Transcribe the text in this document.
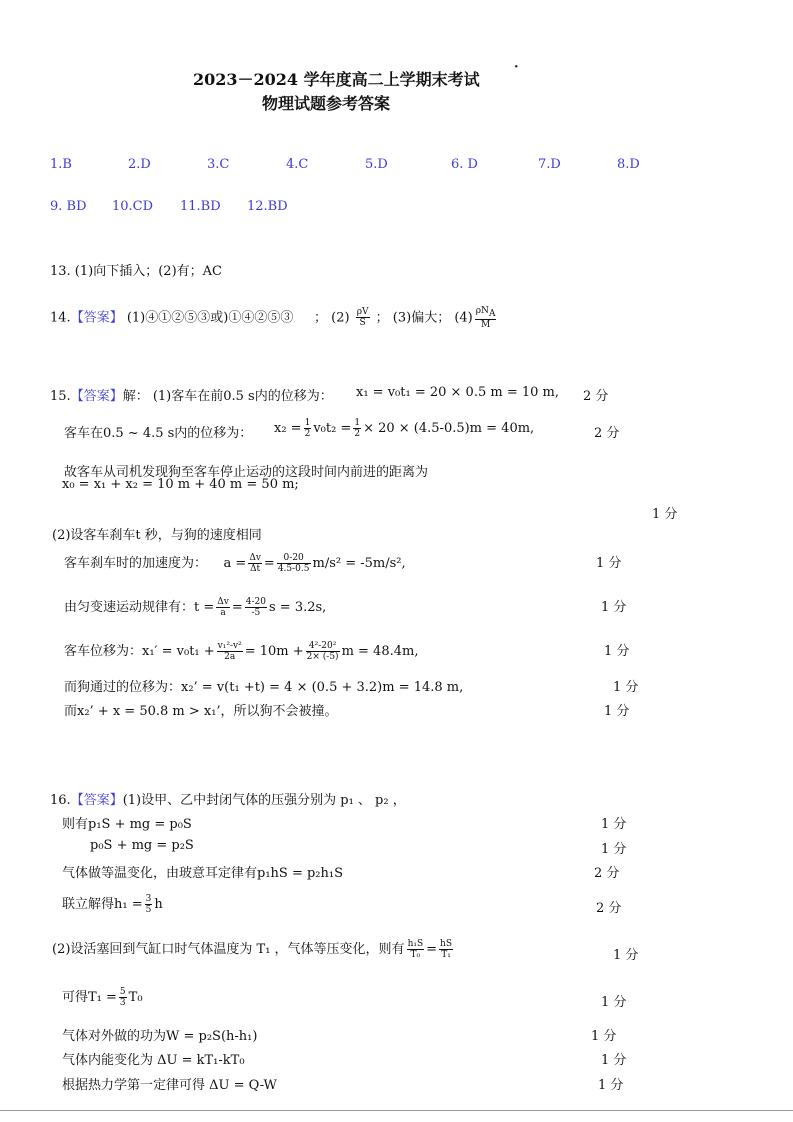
2023－2024 学年度高二上学期末考试
·
物理试题参考答案
1.B	2.D	3.C	4.C	5.D	6. D	7.D	8.D
9. BD 10.CD 11.BD 12.BD
13. (1)向下插入；(2)有；AC
14.【答案】 (1)④①②⑤③或)①④②⑤③ ； $(2) \frac{\rho V}{S}$ ； (3)偏大； $(4) \frac{\rho N_A}{M}$
15.【答案】解： (1)客车在前0.5 s内的位移为： x₁ = v₀t₁ = 20 × 0.5 m = 10 m, 2 分
客车在0.5 ~ 4.5 s内的位移为： $x_2 = \frac{1}{2} v_0t_2 = \frac{1}{2} \times 20 \times (4.5-0.5)m = 40m$,	2 分
故客车从司机发现狗至客车停止运动的这段时间内前进的距离为
x₀ = x₁ + x₂ = 10 m + 40 m = 50 m;
1 分
(2)设客车刹车t 秒，与狗的速度相同
客车刹车时的加速度为： $a = \frac{\Delta v}{\Delta t} = \frac{0-20}{4.5-0.5} m/s^2 = -5m/s^2$,	1 分
由匀变速运动规律有：$t = \frac{\Delta v}{a} = \frac{4-20}{-5}$ s = 3.2s,	1 分
客车位移为：$x_1' = v_0t_1 + \frac{\text{v₁²-v²}}{2a} = 10m + \frac{\text{4²-20²}}{2\times (-5)}$ m = 48.4m,	1 分
而狗通过的位移为：x₂’ = v(t₁ +t) = 4 × (0.5 + 3.2)m = 14.8 m,	1 分
而x₂’ + x = 50.8 m > x₁’，所以狗不会被撞。	1 分
16.【答案】(1)设甲、乙中封闭气体的压强分别为 p₁ 、 p₂ ，
则有p₁S + mg = p₀S	1 分
p₀S + mg = p₂S	1 分
气体做等温变化，由玻意耳定律有p₁hS = p₂h₁S	2 分
联立解得$h_1 = \frac{3}{5}$ h	2 分
(2)设活塞回到气缸口时气体温度为 T₁ ，气体等压变化，则有 $\frac{\text{h₁S}}{\text{T₀}} = \frac{hS}{\text{T₁}}$	1 分
可得$T_1 = \frac{5}{3} T_0$	1 分
气体对外做的功为W = p₂S(h-h₁)	1 分
气体内能变化为 ΔU = kT₁-kT₀	1 分
根据热力学第一定律可得 ΔU = Q-W	1 分
